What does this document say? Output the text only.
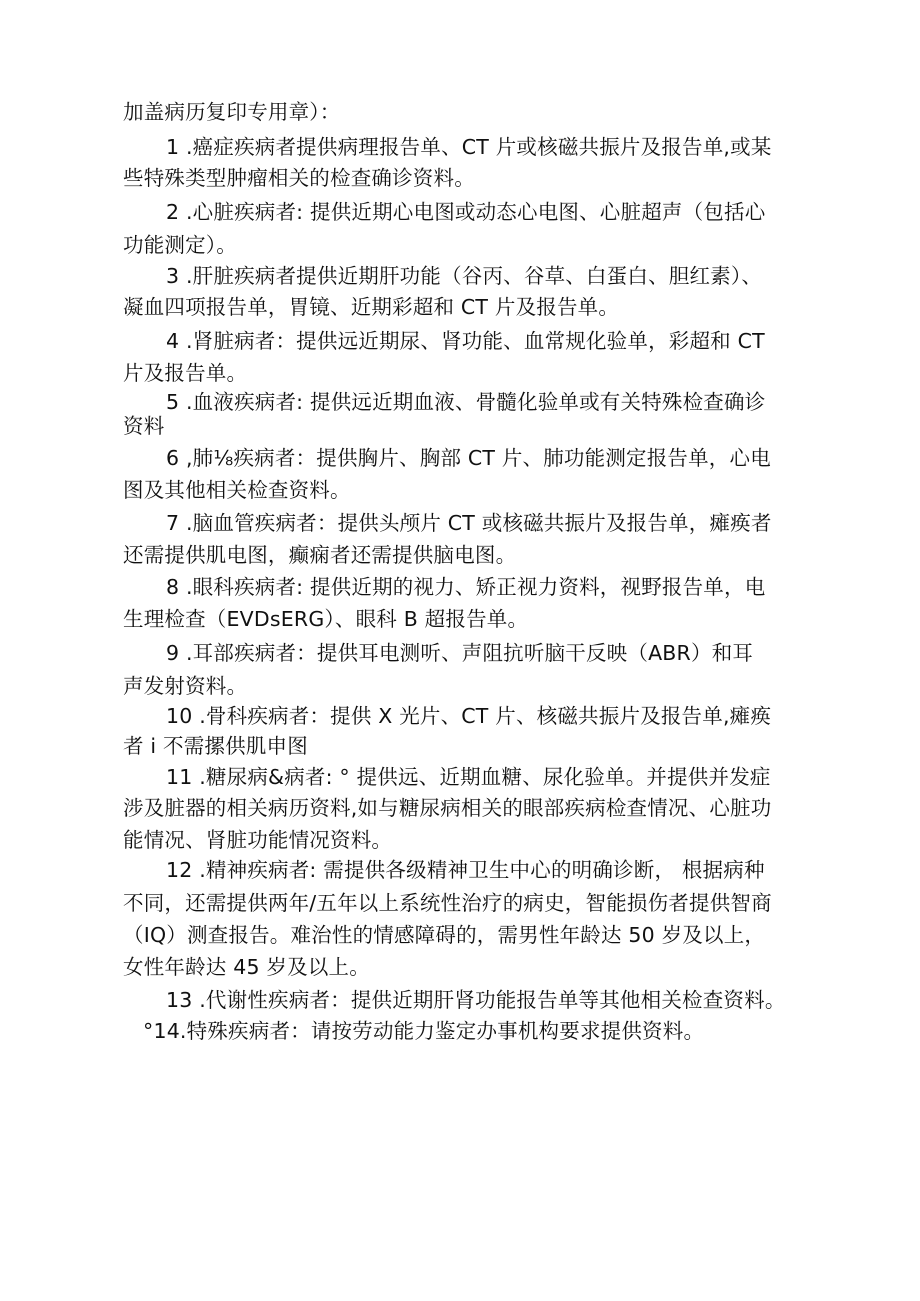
加盖病历复印专用章）：
1 .癌症疾病者提供病理报告单、CT 片或核磁共振片及报告单,或某
些特殊类型肿瘤相关的检查确诊资料。
2 .心脏疾病者: 提供近期心电图或动态心电图、心脏超声（包括心
功能测定）。
3 .肝脏疾病者提供近期肝功能（谷丙、谷草、白蛋白、胆红素）、
凝血四项报告单，胃镜、近期彩超和 CT 片及报告单。
4 .肾脏病者：提供远近期尿、肾功能、血常规化验单，彩超和 CT
片及报告单。
5 .血液疾病者: 提供远近期血液、骨髓化验单或有关特殊检查确诊
资料
6 ,肺⅛疾病者：提供胸片、胸部 CT 片、肺功能测定报告单，心电
图及其他相关检查资料。
7 .脑血管疾病者：提供头颅片 CT 或核磁共振片及报告单，瘫痪者
还需提供肌电图，癫痫者还需提供脑电图。
8 .眼科疾病者: 提供近期的视力、矫正视力资料，视野报告单，电
生理检查（EVDsERG）、眼科 B 超报告单。
9 .耳部疾病者：提供耳电测听、声阻抗听脑干反映（ABR）和耳
声发射资料。
10 .骨科疾病者：提供 X 光片、CT 片、核磁共振片及报告单,瘫痪
者 i 不需摞供肌申图
11 .糖尿病&病者: ° 提供远、近期血糖、尿化验单。并提供并发症
涉及脏器的相关病历资料,如与糖尿病相关的眼部疾病检查情况、心脏功
能情况、肾脏功能情况资料。
12 .精神疾病者: 需提供各级精神卫生中心的明确诊断， 根据病种
不同，还需提供两年/五年以上系统性治疗的病史，智能损伤者提供智商
（IQ）测查报告。难治性的情感障碍的，需男性年龄达 50 岁及以上，
女性年龄达 45 岁及以上。
13 .代谢性疾病者：提供近期肝肾功能报告单等其他相关检查资料。
°14.特殊疾病者：请按劳动能力鉴定办事机构要求提供资料。
